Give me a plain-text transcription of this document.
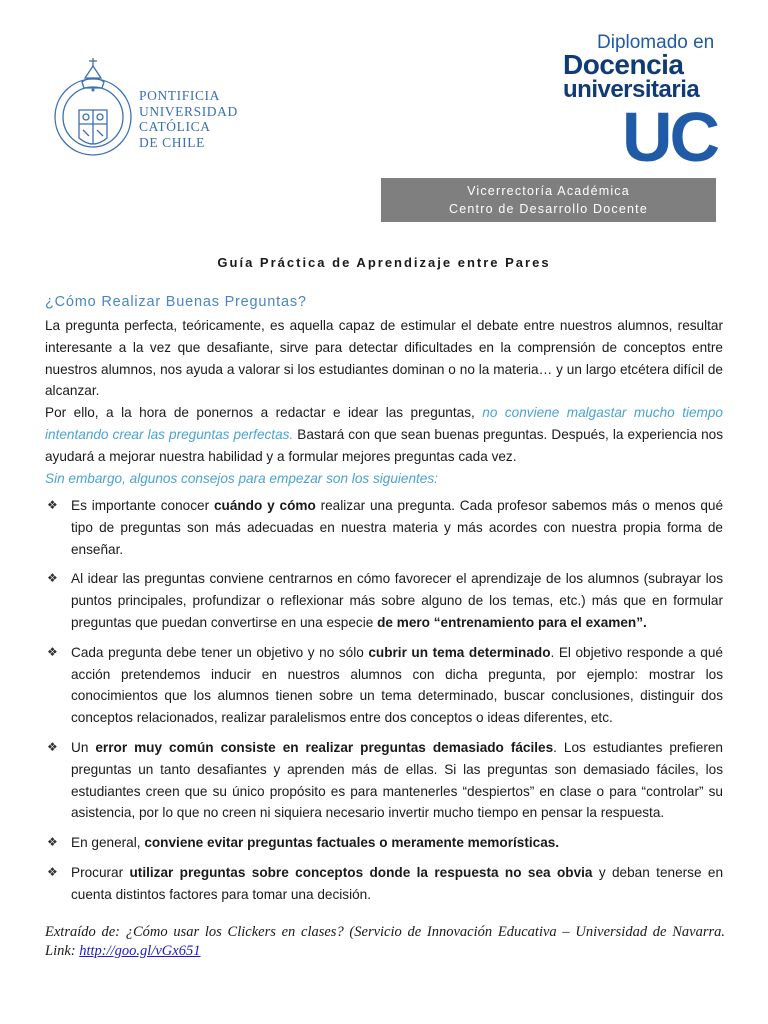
PONTIFICIA
UNIVERSIDAD
CATÓLICA
DE CHILE
Diplomado en
Docencia
universitaria
UC
Vicerrectoría Académica
Centro de Desarrollo Docente
Guía Práctica de Aprendizaje entre Pares
¿Cómo Realizar Buenas Preguntas?

La pregunta perfecta, teóricamente, es aquella capaz de estimular el debate entre nuestros alumnos, resultar interesante a la vez que desafiante, sirve para detectar dificultades en la comprensión de conceptos entre nuestros alumnos, nos ayuda a valorar si los estudiantes dominan o no la materia… y un largo etcétera difícil de alcanzar.

Por ello, a la hora de ponernos a redactar e idear las preguntas, no conviene malgastar mucho tiempo intentando crear las preguntas perfectas. Bastará con que sean buenas preguntas. Después, la experiencia nos ayudará a mejorar nuestra habilidad y a formular mejores preguntas cada vez.

Sin embargo, algunos consejos para empezar son los siguientes:

❖ Es importante conocer cuándo y cómo realizar una pregunta. Cada profesor sabemos más o menos qué tipo de preguntas son más adecuadas en nuestra materia y más acordes con nuestra propia forma de enseñar.
❖ Al idear las preguntas conviene centrarnos en cómo favorecer el aprendizaje de los alumnos (subrayar los puntos principales, profundizar o reflexionar más sobre alguno de los temas, etc.) más que en formular preguntas que puedan convertirse en una especie de mero “entrenamiento para el examen”.
❖ Cada pregunta debe tener un objetivo y no sólo cubrir un tema determinado. El objetivo responde a qué acción pretendemos inducir en nuestros alumnos con dicha pregunta, por ejemplo: mostrar los conocimientos que los alumnos tienen sobre un tema determinado, buscar conclusiones, distinguir dos conceptos relacionados, realizar paralelismos entre dos conceptos o ideas diferentes, etc.
❖ Un error muy común consiste en realizar preguntas demasiado fáciles. Los estudiantes prefieren preguntas un tanto desafiantes y aprenden más de ellas. Si las preguntas son demasiado fáciles, los estudiantes creen que su único propósito es para mantenerles “despiertos” en clase o para “controlar” su asistencia, por lo que no creen ni siquiera necesario invertir mucho tiempo en pensar la respuesta.
❖ En general, conviene evitar preguntas factuales o meramente memorísticas.
❖ Procurar utilizar preguntas sobre conceptos donde la respuesta no sea obvia y deban tenerse en cuenta distintos factores para tomar una decisión.
Extraído de: ¿Cómo usar los Clickers en clases? (Servicio de Innovación Educativa – Universidad de Navarra. Link: http://goo.gl/vGx651
